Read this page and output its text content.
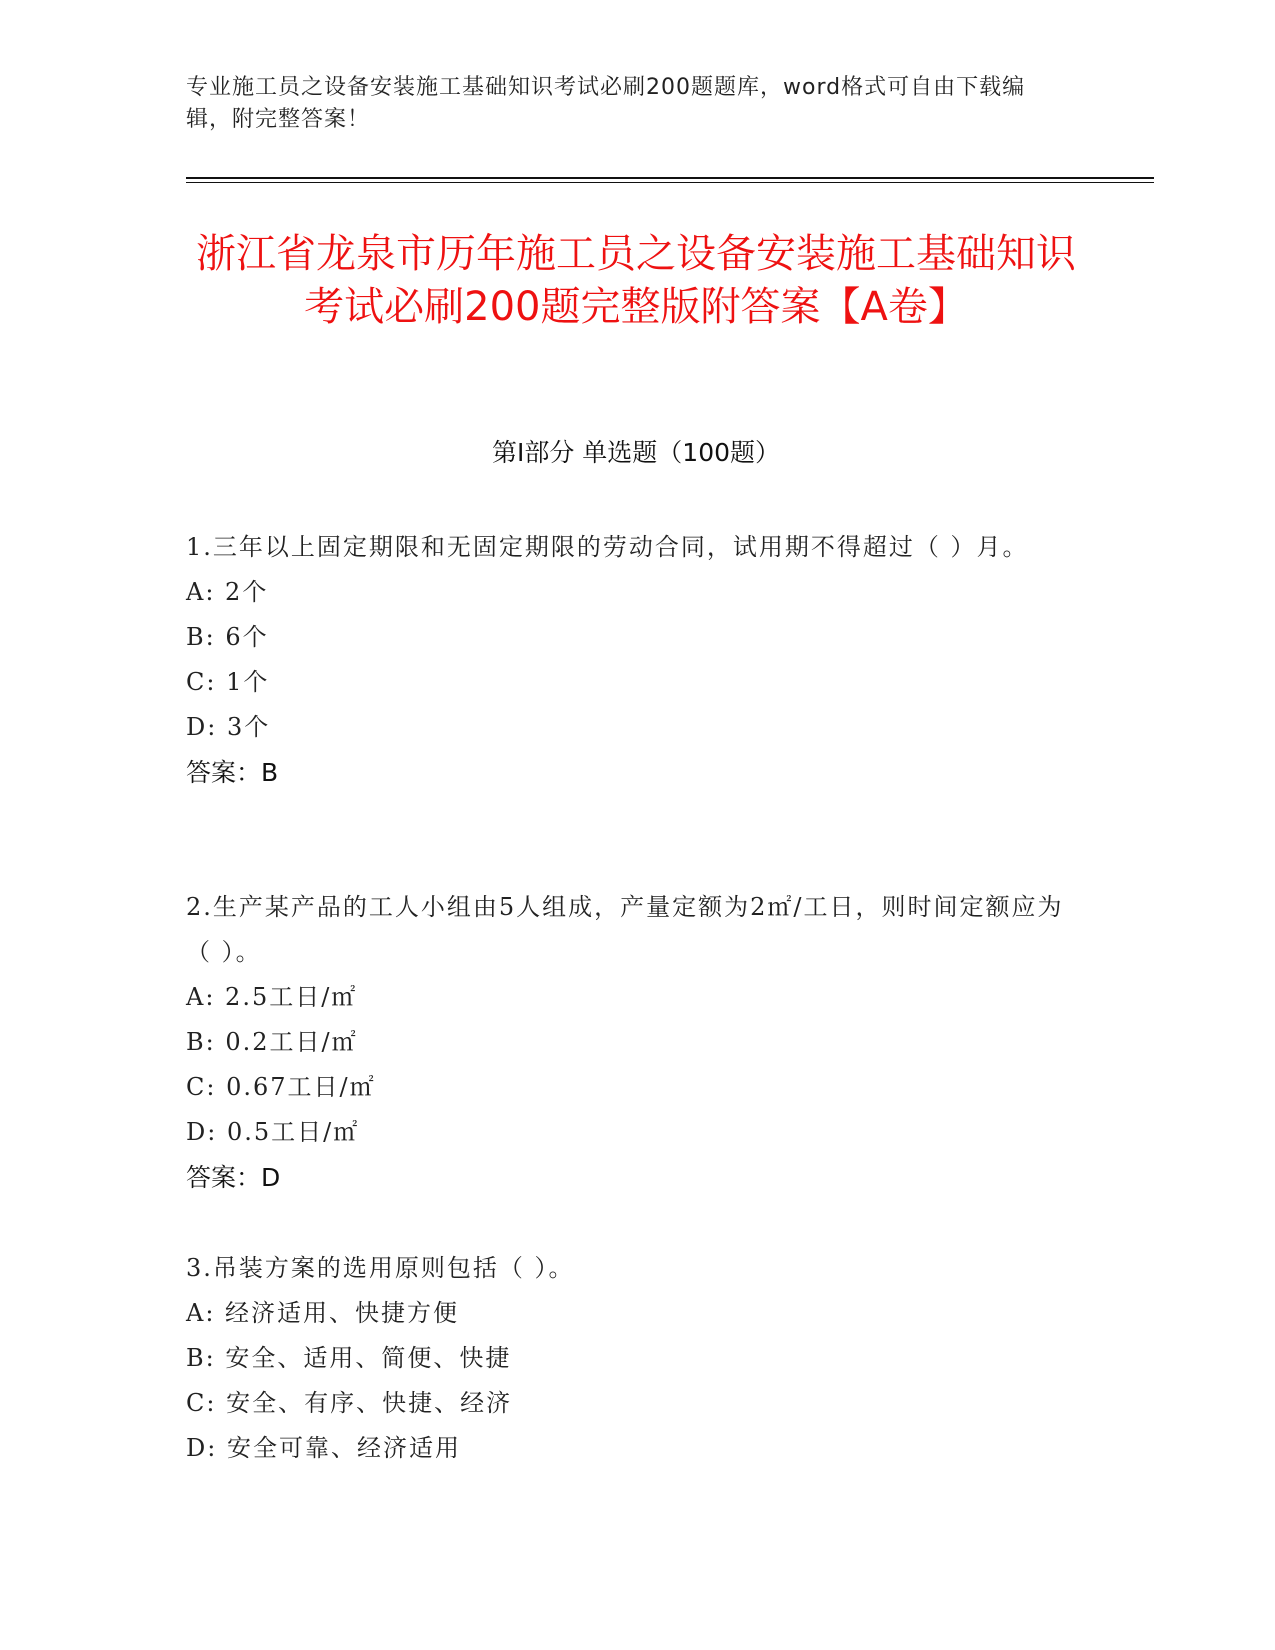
专业施工员之设备安装施工基础知识考试必刷200题题库，word格式可自由下载编辑，附完整答案！
浙江省龙泉市历年施工员之设备安装施工基础知识考试必刷200题完整版附答案【A卷】
第Ⅰ部分 单选题（100题）

1.三年以上固定期限和无固定期限的劳动合同，试用期不得超过（ ）月。

A: 2个

B: 6个

C: 1个

D: 3个

答案：B

2.生产某产品的工人小组由5人组成，产量定额为2㎡/工日，则时间定额应为（ ）。

A: 2.5工日/㎡

B: 0.2工日/㎡

C: 0.67工日/㎡

D: 0.5工日/㎡

答案：D

3.吊装方案的选用原则包括（ ）。

A: 经济适用、快捷方便

B: 安全、适用、简便、快捷

C: 安全、有序、快捷、经济

D: 安全可靠、经济适用
